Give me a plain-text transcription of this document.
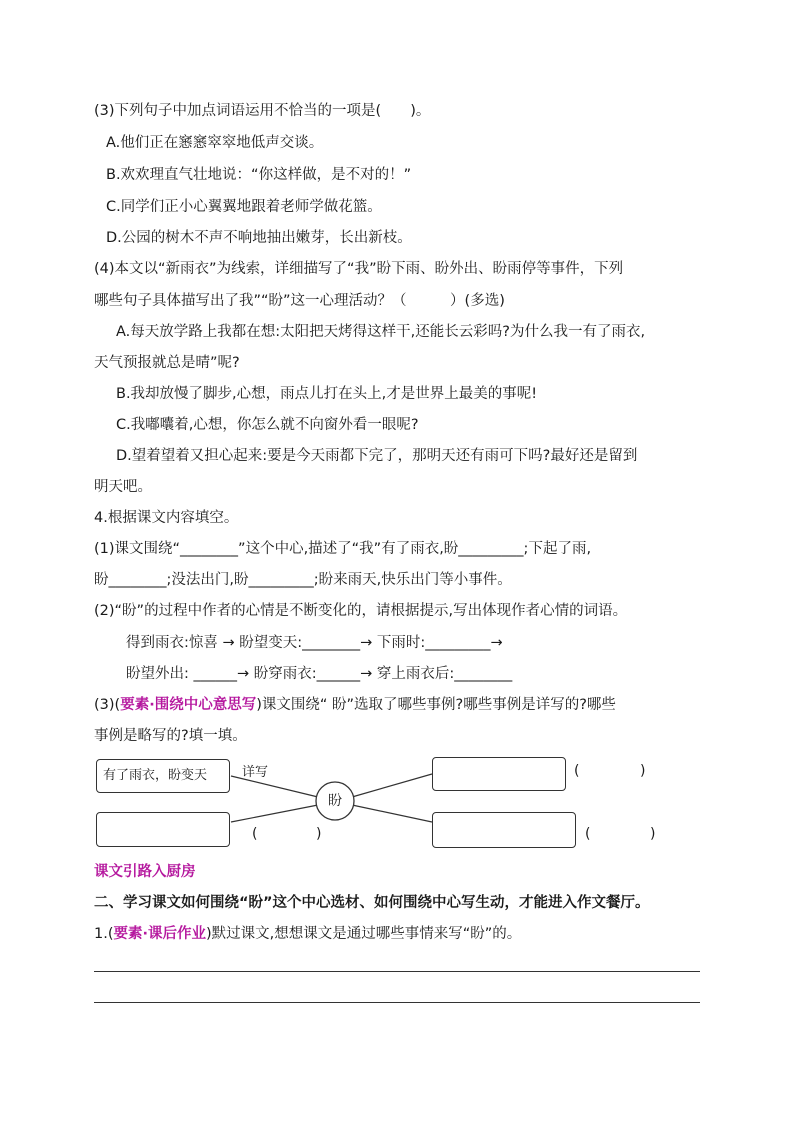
(3)下列句子中加点词语运用不恰当的一项是(　　)。
A.他们正在窸窸窣窣地低声交谈。
B.欢欢理直气壮地说：“你这样做，是不对的！”
C.同学们正小心翼翼地跟着老师学做花篮。
D.公园的树木不声不响地抽出嫩芽，长出新枝。
(4)本文以“新雨衣”为线索，详细描写了“我”盼下雨、盼外出、盼雨停等事件，下列
哪些句子具体描写出了我”“盼”这一心理活动？（　　　）(多选)
A.每天放学路上我都在想:太阳把天烤得这样干,还能长云彩吗?为什么我一有了雨衣,
天气预报就总是晴”呢?
B.我却放慢了脚步,心想，雨点儿打在头上,才是世界上最美的事呢!
C.我嘟囔着,心想，你怎么就不向窗外看一眼呢?
D.望着望着又担心起来:要是今天雨都下完了，那明天还有雨可下吗?最好还是留到
明天吧。
4.根据课文内容填空。
(1)课文围绕“________”这个中心,描述了“我”有了雨衣,盼_________;下起了雨,
盼________;没法出门,盼_________;盼来雨天,快乐出门等小事件。
(2)“盼”的过程中作者的心情是不断变化的，请根据提示,写出体现作者心情的词语。
得到雨衣:惊喜 → 盼望变天:________→ 下雨时:_________→
盼望外出: ______→ 盼穿雨衣:______→ 穿上雨衣后:________
(3)(要素·围绕中心意思写)课文围绕“ 盼”选取了哪些事例?哪些事例是详写的?哪些
事例是略写的?填一填。
有了雨衣，盼变天	详写
盼
(	)
(	)
(	)
课文引路入厨房
二、学习课文如何围绕“盼”这个中心选材、如何围绕中心写生动，才能进入作文餐厅。
1.(要素·课后作业)默过课文,想想课文是通过哪些事情来写“盼”的。
